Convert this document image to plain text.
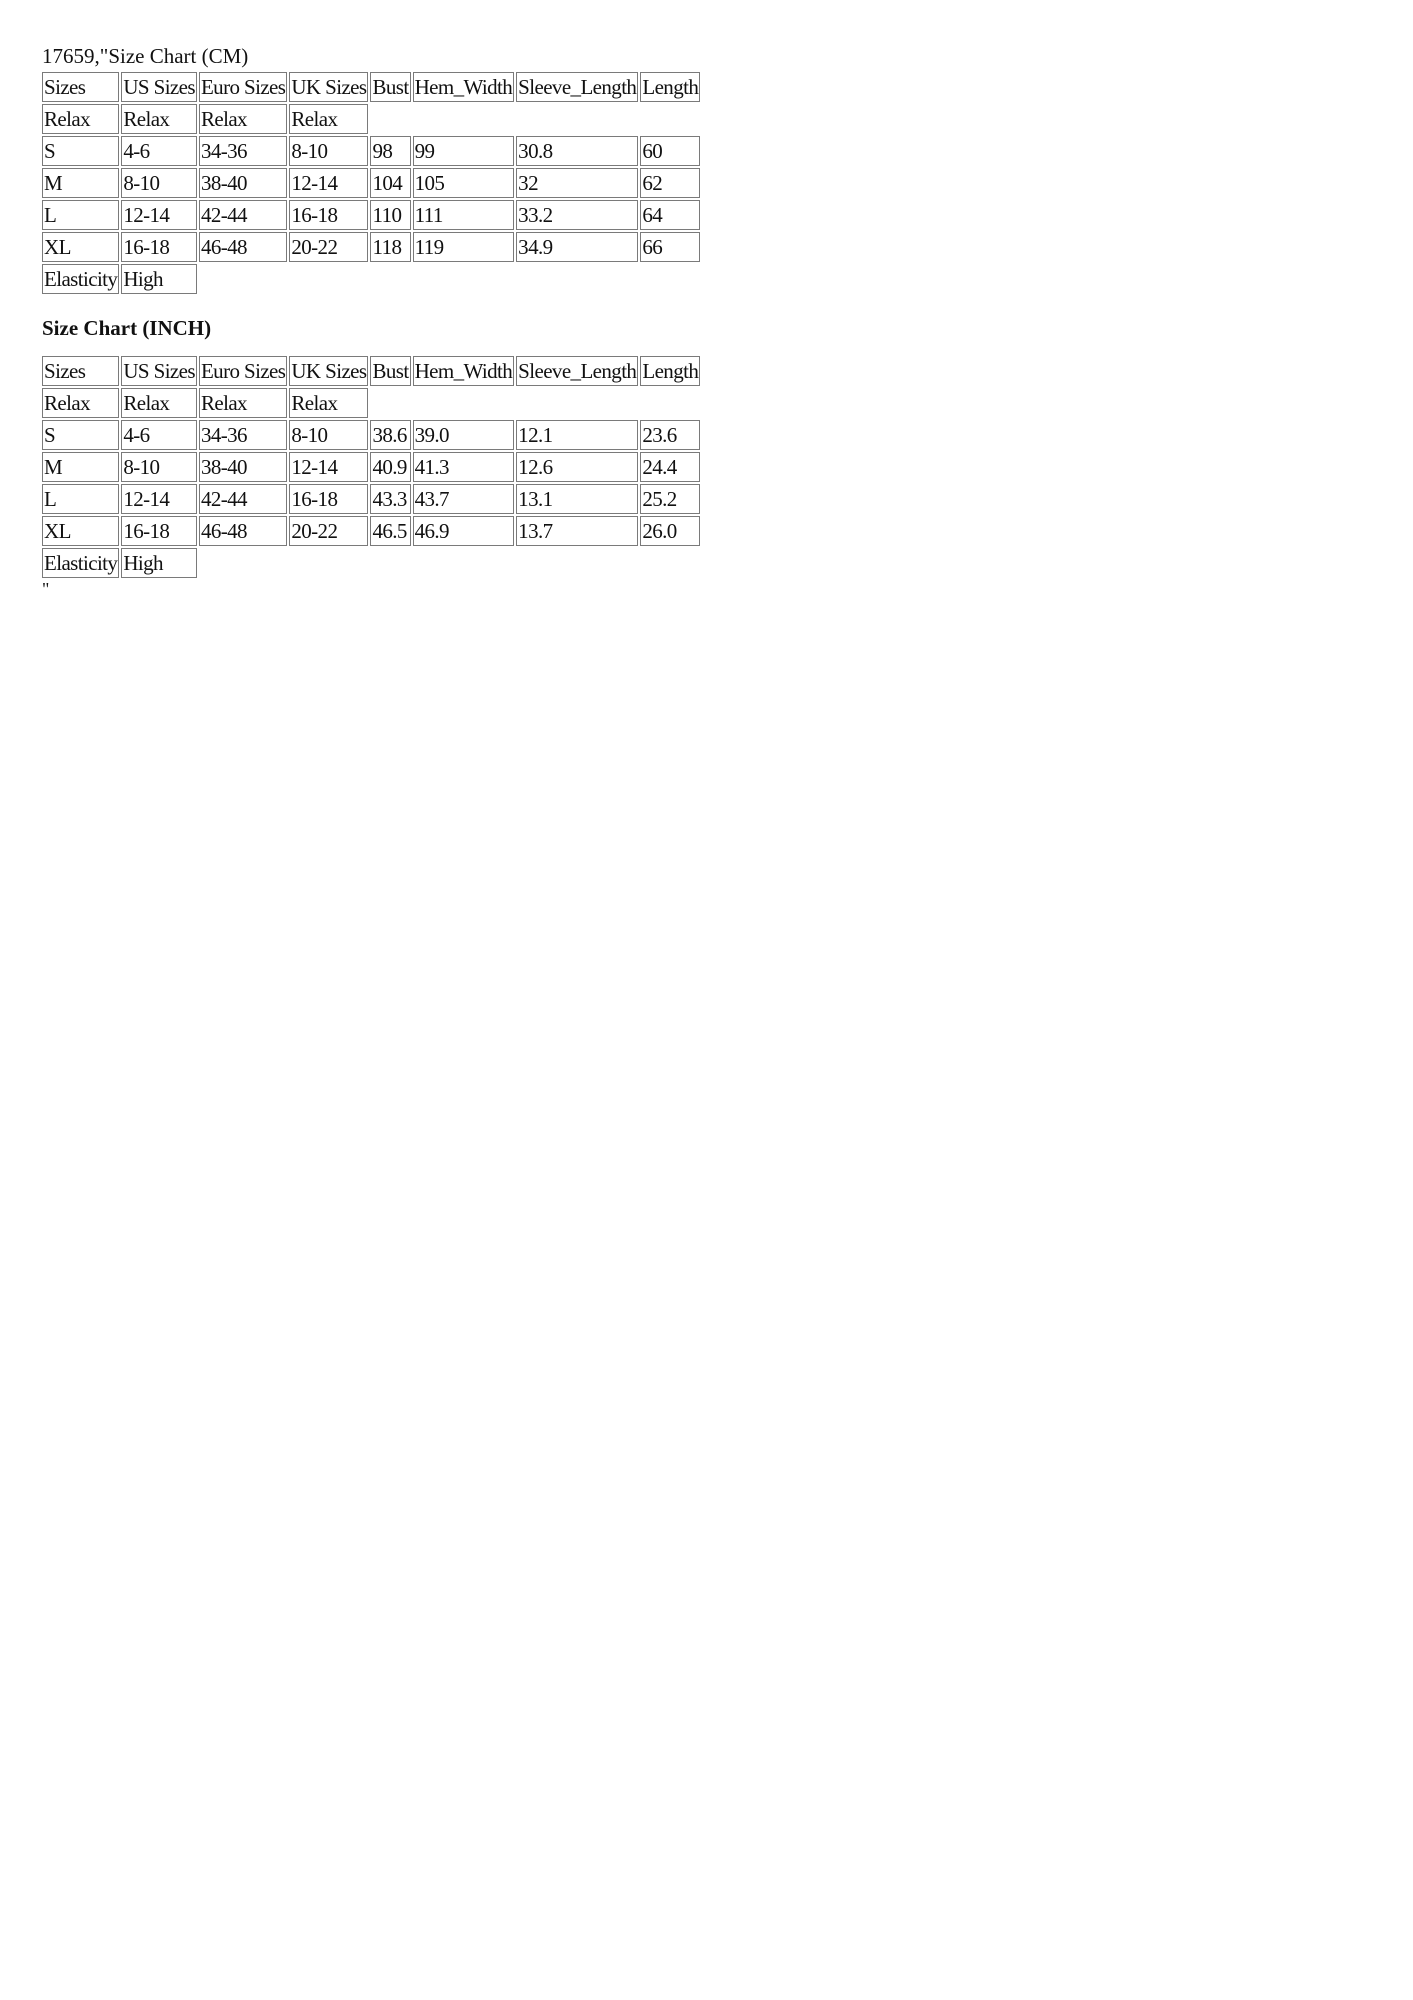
17659,"Size Chart (CM)
Sizes	US Sizes	Euro Sizes	UK Sizes	Bust	Hem_Width	Sleeve_Length	Length
Relax	Relax	Relax	Relax				
S	4-6	34-36	8-10	98	99	30.8	60
M	8-10	38-40	12-14	104	105	32	62
L	12-14	42-44	16-18	110	111	33.2	64
XL	16-18	46-48	20-22	118	119	34.9	66
Elasticity	High						
Size Chart (INCH)
Sizes	US Sizes	Euro Sizes	UK Sizes	Bust	Hem_Width	Sleeve_Length	Length
Relax	Relax	Relax	Relax				
S	4-6	34-36	8-10	38.6	39.0	12.1	23.6
M	8-10	38-40	12-14	40.9	41.3	12.6	24.4
L	12-14	42-44	16-18	43.3	43.7	13.1	25.2
XL	16-18	46-48	20-22	46.5	46.9	13.7	26.0
Elasticity	High						
"
